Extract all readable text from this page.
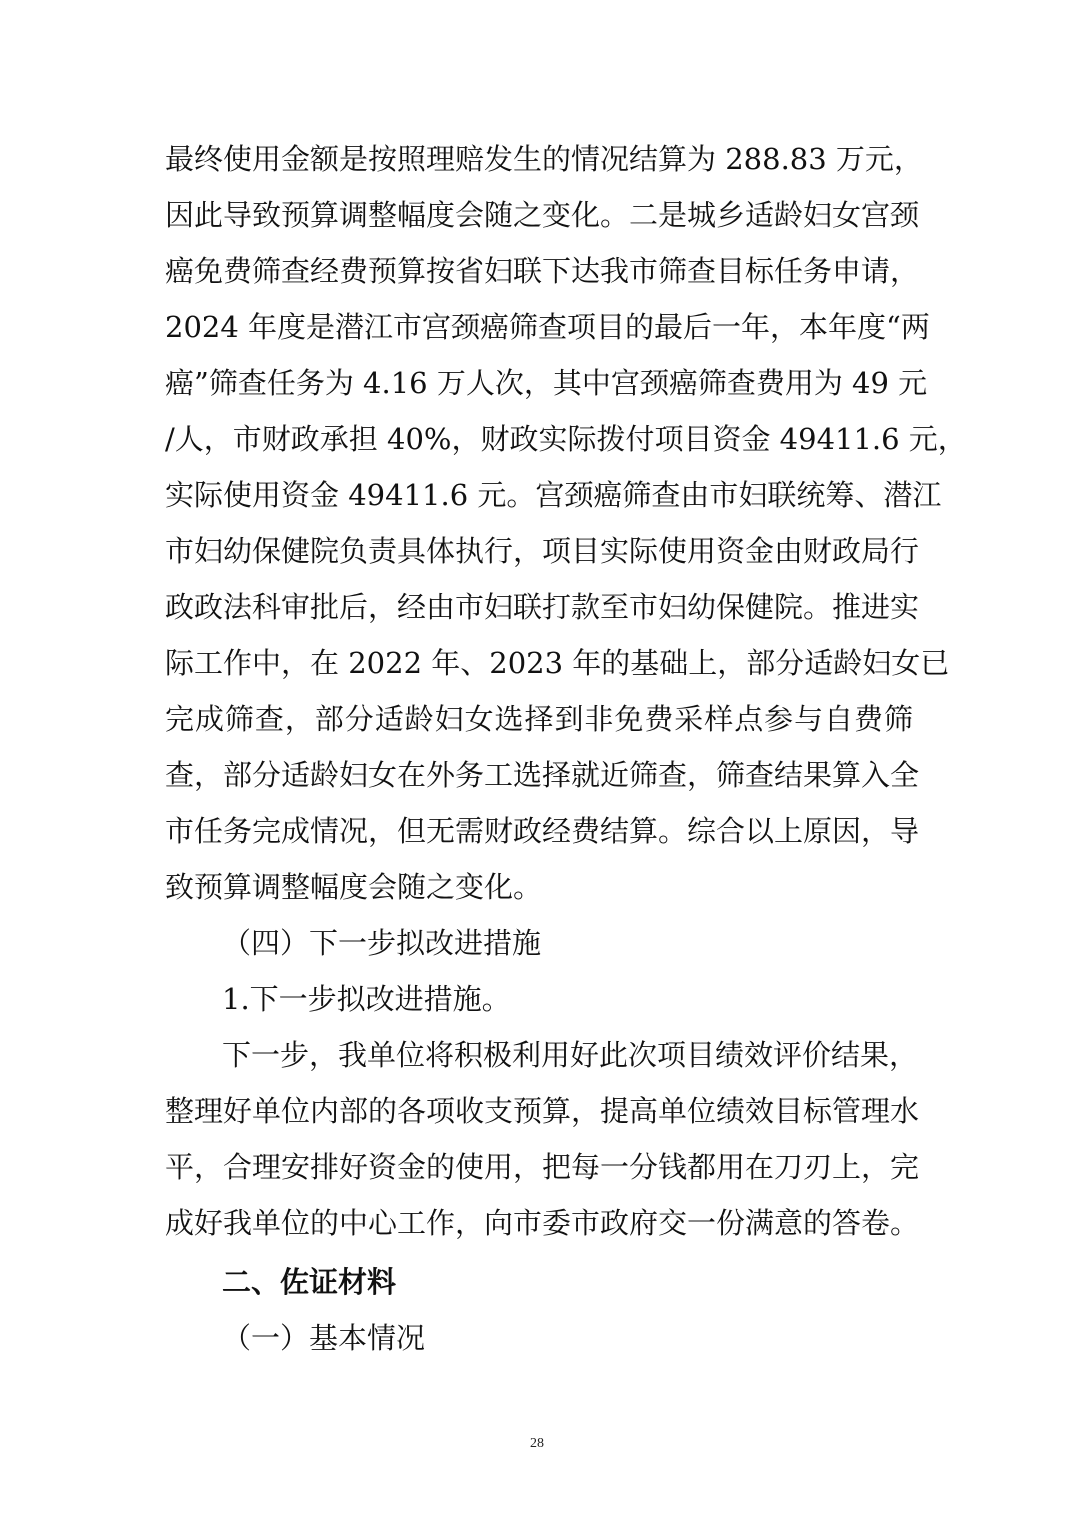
最终使用金额是按照理赔发生的情况结算为 288.83 万元，
因此导致预算调整幅度会随之变化。二是城乡适龄妇女宫颈
癌免费筛查经费预算按省妇联下达我市筛查目标任务申请，
2024 年度是潜江市宫颈癌筛查项目的最后一年，本年度“两
癌”筛查任务为 4.16 万人次，其中宫颈癌筛查费用为 49 元
/人，市财政承担 40%，财政实际拨付项目资金 49411.6 元，
实际使用资金 49411.6 元。宫颈癌筛查由市妇联统筹、潜江
市妇幼保健院负责具体执行，项目实际使用资金由财政局行
政政法科审批后，经由市妇联打款至市妇幼保健院。推进实
际工作中，在 2022 年、2023 年的基础上，部分适龄妇女已
完成筛查，部分适龄妇女选择到非免费采样点参与自费筛
查，部分适龄妇女在外务工选择就近筛查，筛查结果算入全
市任务完成情况，但无需财政经费结算。综合以上原因，导
致预算调整幅度会随之变化。
（四）下一步拟改进措施
1.下一步拟改进措施。
下一步，我单位将积极利用好此次项目绩效评价结果，
整理好单位内部的各项收支预算，提高单位绩效目标管理水
平，合理安排好资金的使用，把每一分钱都用在刀刃上，完
成好我单位的中心工作，向市委市政府交一份满意的答卷。
二、佐证材料
（一）基本情况
28
